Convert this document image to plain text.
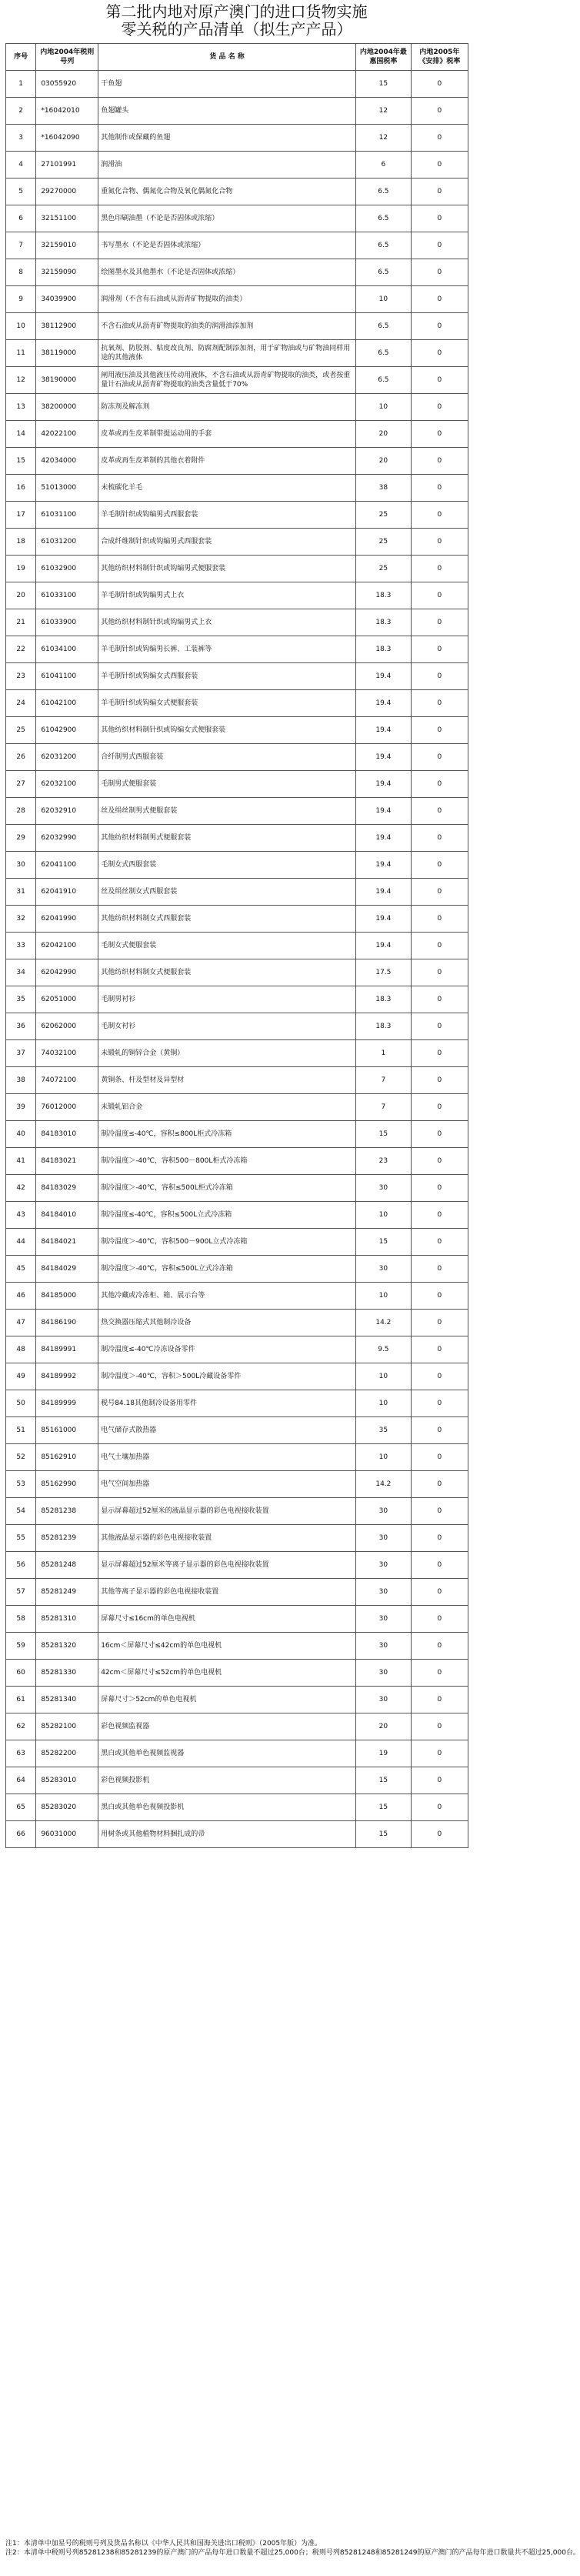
第二批内地对原产澳门的进口货物实施
零关税的产品清单（拟生产产品）
序号	内地2004年税则号列	货 品 名 称	内地2004年最惠国税率	内地2005年《安排》税率
1	03055920	干鱼翅	15	0
2	*16042010	鱼翅罐头	12	0
3	*16042090	其他制作或保藏的鱼翅	12	0
4	27101991	润滑油	6	0
5	29270000	重氮化合物、偶氮化合物及氧化偶氮化合物	6.5	0
6	32151100	黑色印刷油墨（不论是否固体或浓缩）	6.5	0
7	32159010	书写墨水（不论是否固体或浓缩）	6.5	0
8	32159090	绘图墨水及其他墨水（不论是否固体或浓缩）	6.5	0
9	34039900	润滑剂（不含有石油或从沥青矿物提取的油类）	10	0
10	38112900	不含石油或从沥青矿物提取的油类的润滑油添加剂	6.5	0
11	38119000	抗氧剂、防胶剂、粘度改良剂、防腐剂配制添加剂，用于矿物油或与矿物油同样用途的其他液体	6.5	0
12	38190000	闸用液压油及其他液压传动用液体，不含石油或从沥青矿物提取的油类，或者按重量计石油或从沥青矿物提取的油类含量低于70%	6.5	0
13	38200000	防冻剂及解冻剂	10	0
14	42022100	皮革或再生皮革制带提运动用的手套	20	0
15	42034000	皮革或再生皮革制的其他衣着附件	20	0
16	51013000	未梳碳化羊毛	38	0
17	61031100	羊毛制针织或钩编男式西服套装	25	0
18	61031200	合成纤维制针织或钩编男式西服套装	25	0
19	61032900	其他纺织材料制针织或钩编男式便服套装	25	0
20	61033100	羊毛制针织或钩编男式上衣	18.3	0
21	61033900	其他纺织材料制针织或钩编男式上衣	18.3	0
22	61034100	羊毛制针织或钩编男长裤、工装裤等	18.3	0
23	61041100	羊毛制针织或钩编女式西服套装	19.4	0
24	61042100	羊毛制针织或钩编女式便服套装	19.4	0
25	61042900	其他纺织材料制针织或钩编女式便服套装	19.4	0
26	62031200	合纤制男式西服套装	19.4	0
27	62032100	毛制男式便服套装	19.4	0
28	62032910	丝及绢丝制男式便服套装	19.4	0
29	62032990	其他纺织材料制男式便服套装	19.4	0
30	62041100	毛制女式西服套装	19.4	0
31	62041910	丝及绢丝制女式西服套装	19.4	0
32	62041990	其他纺织材料制女式西服套装	19.4	0
33	62042100	毛制女式便服套装	19.4	0
34	62042990	其他纺织材料制女式便服套装	17.5	0
35	62051000	毛制男衬衫	18.3	0
36	62062000	毛制女衬衫	18.3	0
37	74032100	未锻轧的铜锌合金（黄铜）	1	0
38	74072100	黄铜条、杆及型材及异型材	7	0
39	76012000	未锻轧铝合金	7	0
40	84183010	制冷温度≤-40℃，容积≤800L柜式冷冻箱	15	0
41	84183021	制冷温度＞-40℃，容积500－800L柜式冷冻箱	23	0
42	84183029	制冷温度＞-40℃，容积≤500L柜式冷冻箱	30	0
43	84184010	制冷温度≤-40℃，容积≤500L立式冷冻箱	10	0
44	84184021	制冷温度＞-40℃，容积500－900L立式冷冻箱	15	0
45	84184029	制冷温度＞-40℃，容积≤500L立式冷冻箱	30	0
46	84185000	其他冷藏或冷冻柜、箱、展示台等	10	0
47	84186190	热交换器压缩式其他制冷设备	14.2	0
48	84189991	制冷温度≤-40℃冷冻设备零件	9.5	0
49	84189992	制冷温度＞-40℃，容积＞500L冷藏设备零件	10	0
50	84189999	税号84.18其他制冷设备用零件	10	0
51	85161000	电气储存式散热器	35	0
52	85162910	电气土壤加热器	10	0
53	85162990	电气空间加热器	14.2	0
54	85281238	显示屏幕超过52厘米的液晶显示器的彩色电视接收装置	30	0
55	85281239	其他液晶显示器的彩色电视接收装置	30	0
56	85281248	显示屏幕超过52厘米等离子显示器的彩色电视接收装置	30	0
57	85281249	其他等离子显示器的彩色电视接收装置	30	0
58	85281310	屏幕尺寸≤16cm的单色电视机	30	0
59	85281320	16cm＜屏幕尺寸≤42cm的单色电视机	30	0
60	85281330	42cm＜屏幕尺寸≤52cm的单色电视机	30	0
61	85281340	屏幕尺寸＞52cm的单色电视机	30	0
62	85282100	彩色视频监视器	20	0
63	85282200	黑白或其他单色视频监视器	19	0
64	85283010	彩色视频投影机	15	0
65	85283020	黑白或其他单色视频投影机	15	0
66	96031000	用树条或其他植物材料捆扎成的帚	15	0
注1：本清单中加星号的税则号列及货品名称以《中华人民共和国海关进出口税则》（2005年版）为准。
注2：本清单中税则号列85281238和85281239的原产澳门的产品每年进口数量不超过25,000台；税则号列85281248和85281249的原产澳门的产品每年进口数量共不超过25,000台。
